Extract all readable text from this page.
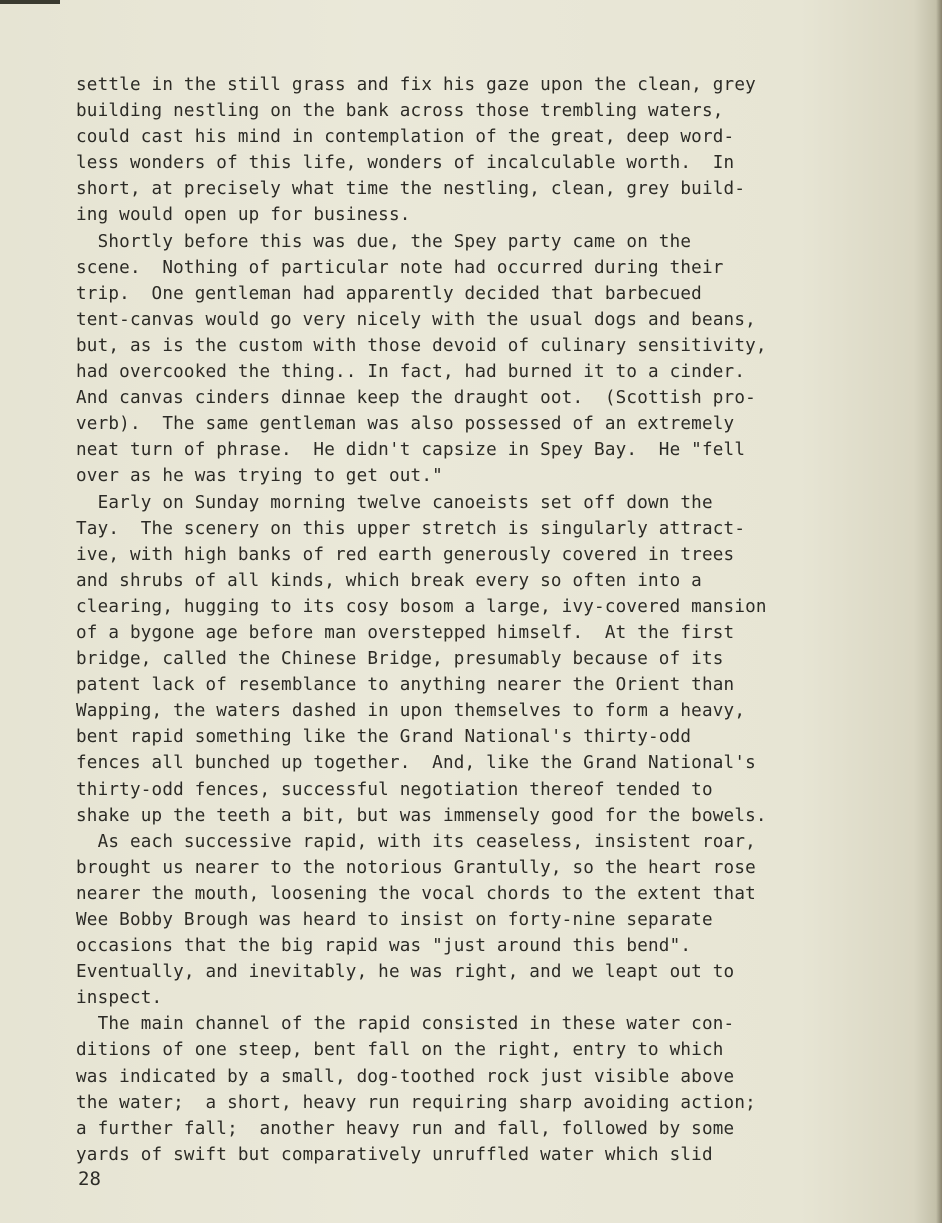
settle in the still grass and fix his gaze upon the clean, grey
building nestling on the bank across those trembling waters,
could cast his mind in contemplation of the great, deep word-
less wonders of this life, wonders of incalculable worth.  In
short, at precisely what time the nestling, clean, grey build-
ing would open up for business.
Shortly before this was due, the Spey party came on the
scene.  Nothing of particular note had occurred during their
trip.  One gentleman had apparently decided that barbecued
tent-canvas would go very nicely with the usual dogs and beans,
but, as is the custom with those devoid of culinary sensitivity,
had overcooked the thing.. In fact, had burned it to a cinder.
And canvas cinders dinnae keep the draught oot.  (Scottish pro-
verb).  The same gentleman was also possessed of an extremely
neat turn of phrase.  He didn't capsize in Spey Bay.  He "fell
over as he was trying to get out."
Early on Sunday morning twelve canoeists set off down the
Tay.  The scenery on this upper stretch is singularly attract-
ive, with high banks of red earth generously covered in trees
and shrubs of all kinds, which break every so often into a
clearing, hugging to its cosy bosom a large, ivy-covered mansion
of a bygone age before man overstepped himself.  At the first
bridge, called the Chinese Bridge, presumably because of its
patent lack of resemblance to anything nearer the Orient than
Wapping, the waters dashed in upon themselves to form a heavy,
bent rapid something like the Grand National's thirty-odd
fences all bunched up together.  And, like the Grand National's
thirty-odd fences, successful negotiation thereof tended to
shake up the teeth a bit, but was immensely good for the bowels.
As each successive rapid, with its ceaseless, insistent roar,
brought us nearer to the notorious Grantully, so the heart rose
nearer the mouth, loosening the vocal chords to the extent that
Wee Bobby Brough was heard to insist on forty-nine separate
occasions that the big rapid was "just around this bend".
Eventually, and inevitably, he was right, and we leapt out to
inspect.
The main channel of the rapid consisted in these water con-
ditions of one steep, bent fall on the right, entry to which
was indicated by a small, dog-toothed rock just visible above
the water;  a short, heavy run requiring sharp avoiding action;
a further fall;  another heavy run and fall, followed by some
yards of swift but comparatively unruffled water which slid
28
